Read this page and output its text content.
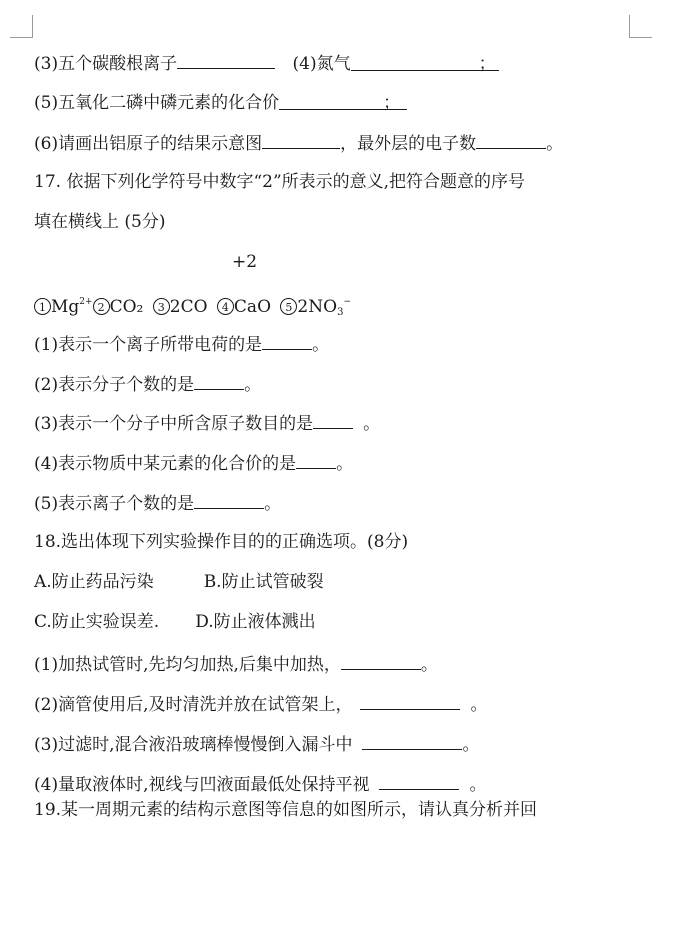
(3)五个碳酸根离子	(4)氮气	；
(5)五氧化二磷中磷元素的化合价	；
(6)请画出铝原子的结果示意图	，最外层的电子数	。
17. 依据下列化学符号中数字“2”所表示的意义,把符合题意的序号
填在横线上 (5分)
+2
1 $Mg^{2+}$ 2 CO₂ 3 2CO 4 CaO 5 $2NO_3^-$
(1)表示一个离子所带电荷的是	。
(2)表示分子个数的是	。
(3)表示一个分子中所含原子数目的是	。
(4)表示物质中某元素的化合价的是 。
(5)表示离子个数的是	。
18.选出体现下列实验操作目的的正确选项。(8分)
A.防止药品污染	B.防止试管破裂
C.防止实验误差. D.防止液体溅出
(1)加热试管时,先均匀加热,后集中加热，	。
(2)滴管使用后,及时清洗并放在试管架上，	。
(3)过滤时,混合液沿玻璃棒慢慢倒入漏斗中	。
(4)量取液体时,视线与凹液面最低处保持平视	。
19.某一周期元素的结构示意图等信息的如图所示，请认真分析并回
